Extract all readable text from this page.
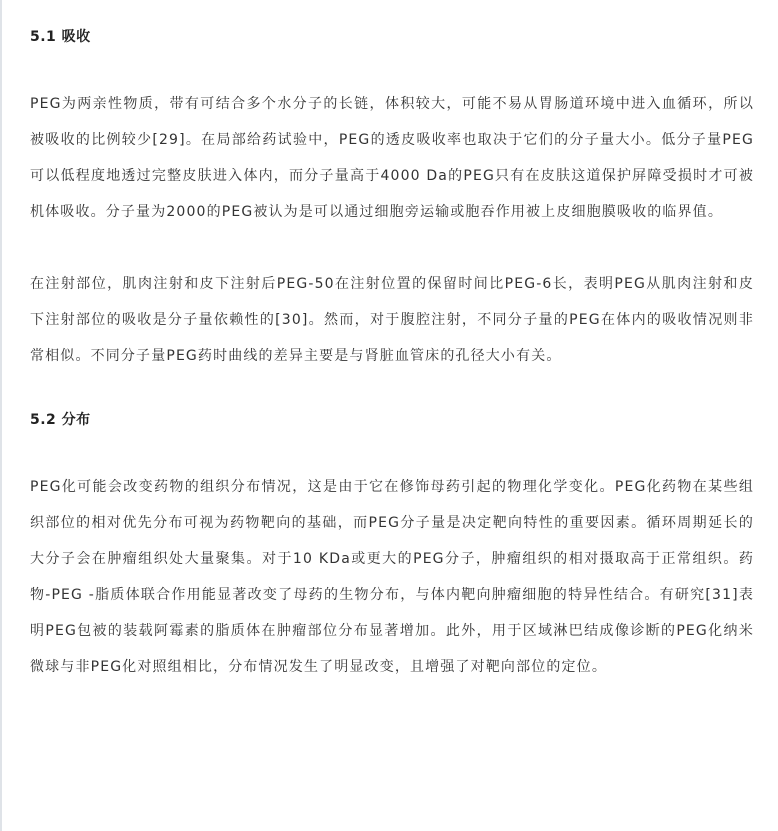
5.1 吸收

PEG为两亲性物质，带有可结合多个水分子的长链，体积较大，可能不易从胃肠道环境中进入血循环，所以被吸收的比例较少[29]。在局部给药试验中，PEG的透皮吸收率也取决于它们的分子量大小。低分子量PEG可以低程度地透过完整皮肤进入体内，而分子量高于4000 Da的PEG只有在皮肤这道保护屏障受损时才可被机体吸收。分子量为2000的PEG被认为是可以通过细胞旁运输或胞吞作用被上皮细胞膜吸收的临界值。

在注射部位，肌肉注射和皮下注射后PEG-50在注射位置的保留时间比PEG-6长，表明PEG从肌肉注射和皮下注射部位的吸收是分子量依赖性的[30]。然而，对于腹腔注射，不同分子量的PEG在体内的吸收情况则非常相似。不同分子量PEG药时曲线的差异主要是与肾脏血管床的孔径大小有关。

5.2 分布

PEG化可能会改变药物的组织分布情况，这是由于它在修饰母药引起的物理化学变化。PEG化药物在某些组织部位的相对优先分布可视为药物靶向的基础，而PEG分子量是决定靶向特性的重要因素。循环周期延长的大分子会在肿瘤组织处大量聚集。对于10 KDa或更大的PEG分子，肿瘤组织的相对摄取高于正常组织。药物-PEG -脂质体联合作用能显著改变了母药的生物分布，与体内靶向肿瘤细胞的特异性结合。有研究[31]表明PEG包被的装载阿霉素的脂质体在肿瘤部位分布显著增加。此外，用于区域淋巴结成像诊断的PEG化纳米微球与非PEG化对照组相比，分布情况发生了明显改变，且增强了对靶向部位的定位。
